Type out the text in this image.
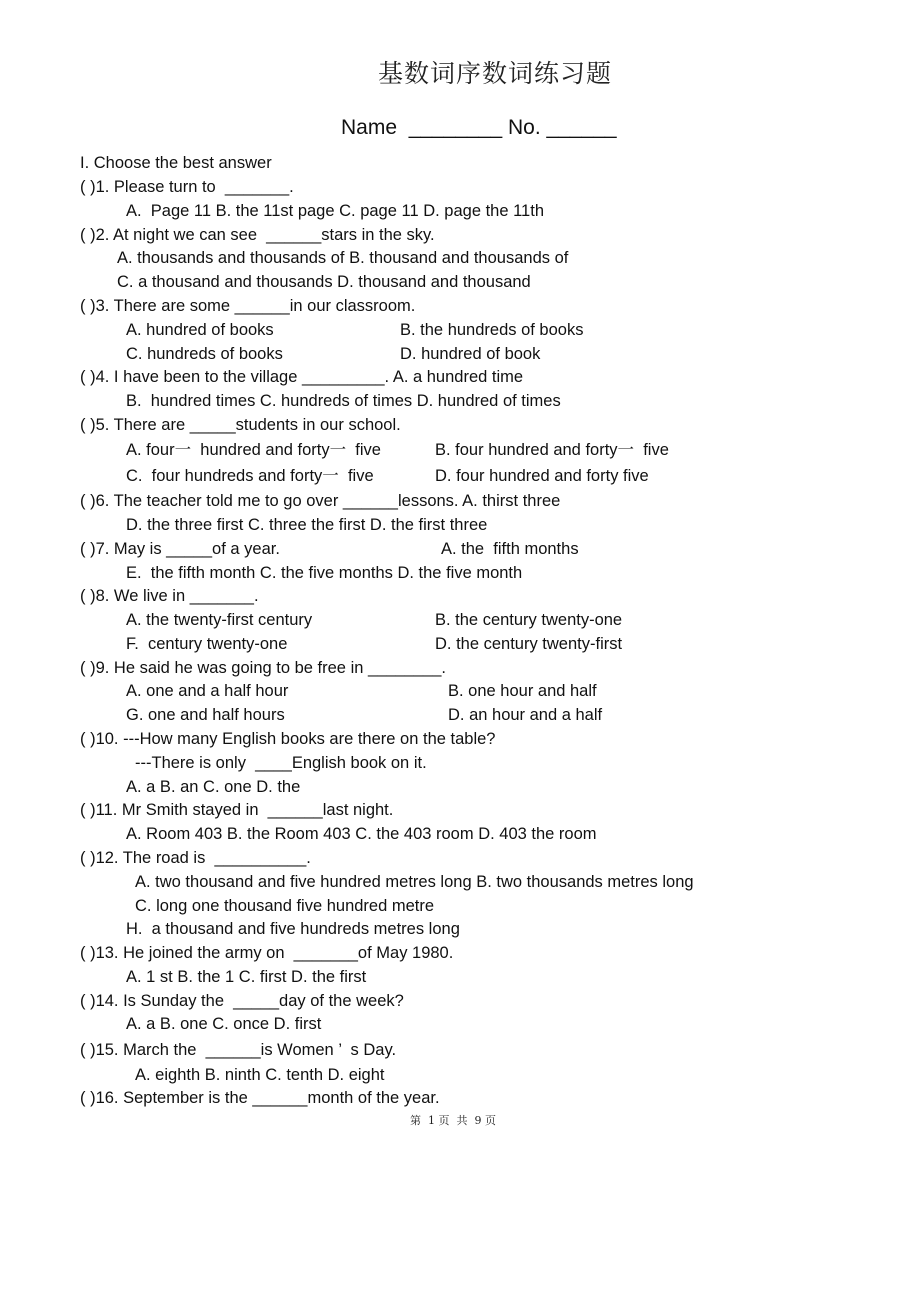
基数词序数词练习题
Name ________ No. ______
I. Choose the best answer
( )1. Please turn to  _______.
A.  Page 11 B. the 11st page C. page 11 D. page the 11th
( )2. At night we can see  ______stars in the sky.
A. thousands and thousands of B. thousand and thousands of
C. a thousand and thousands D. thousand and thousand
( )3. There are some ______in our classroom.
A. hundred of books	B. the hundreds of books
C. hundreds of books	D. hundred of book
( )4. I have been to the village _________. A. a hundred time
B.  hundred times C. hundreds of times D. hundred of times
( )5. There are _____students in our school.
A. four一  hundred and forty一  five	B. four hundred and forty一  five
C.  four hundreds and forty一  five	D. four hundred and forty five
( )6. The teacher told me to go over ______lessons. A. thirst three
D. the three first C. three the first D. the first three
( )7. May is _____of a year.	A. the  fifth months
E.  the fifth month C. the five months D. the five month
( )8. We live in _______.
A. the twenty-first century	B. the century twenty-one
F.  century twenty-one	D. the century twenty-first
( )9. He said he was going to be free in ________.
A. one and a half hour	B. one hour and half
G. one and half hours	D. an hour and a half
( )10. ---How many English books are there on the table?
---There is only  ____English book on it.
A. a B. an C. one D. the
( )11. Mr Smith stayed in  ______last night.
A. Room 403 B. the Room 403 C. the 403 room D. 403 the room
( )12. The road is  __________.
A. two thousand and five hundred metres long B. two thousands metres long
C. long one thousand five hundred metre
H.  a thousand and five hundreds metres long
( )13. He joined the army on  _______of May 1980.
A. 1 st B. the 1 C. first D. the first
( )14. Is Sunday the  _____day of the week?
A. a B. one C. once D. first
( )15. March the  ______is Women ’  s Day.
A. eighth B. ninth C. tenth D. eight
( )16. September is the ______month of the year.
第  1 页  共  9 页
